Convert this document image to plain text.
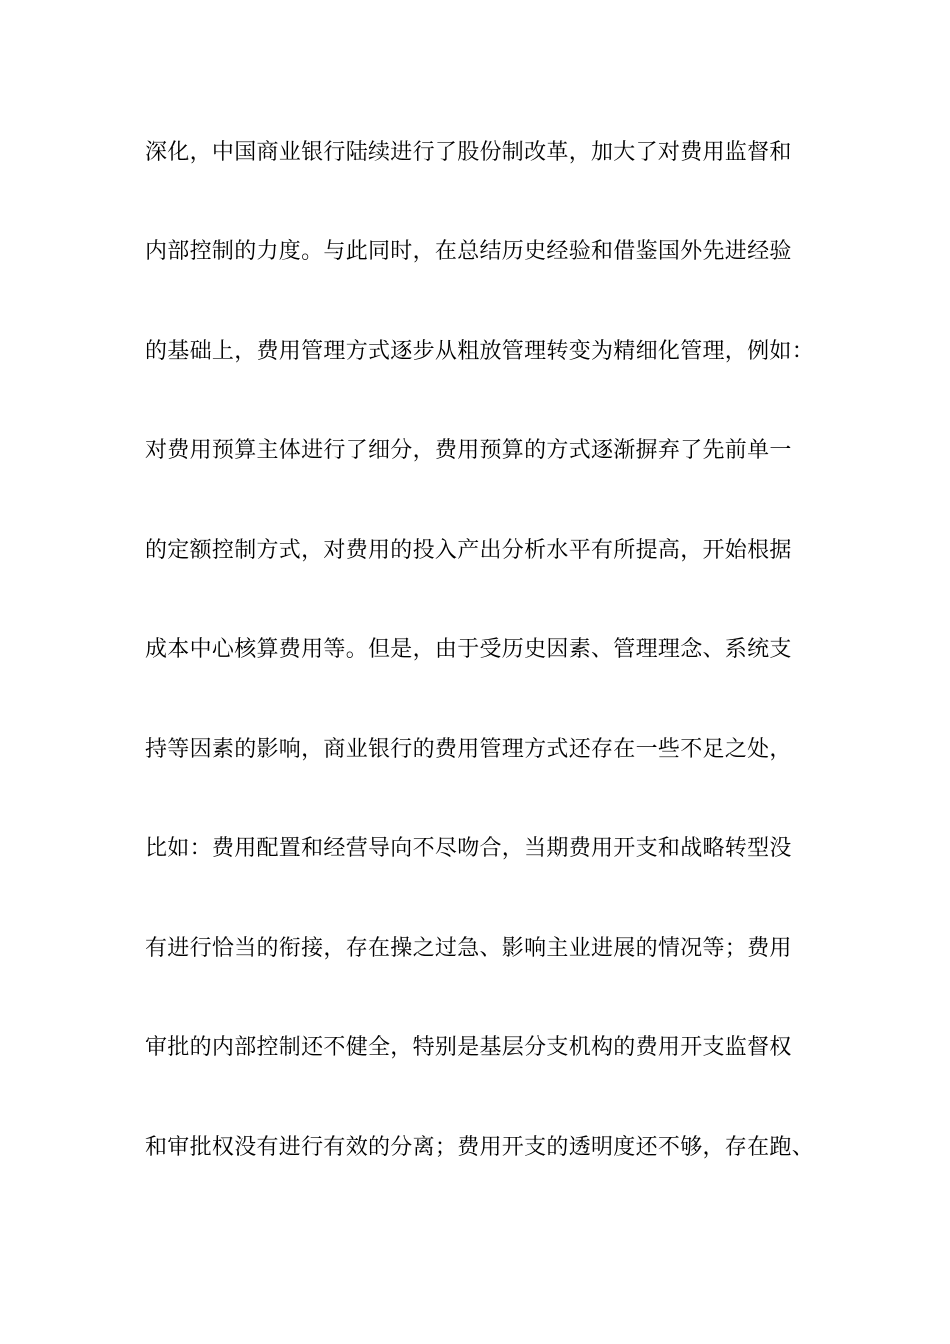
深化，中国商业银行陆续进行了股份制改革，加大了对费用监督和
内部控制的力度。与此同时，在总结历史经验和借鉴国外先进经验
的基础上，费用管理方式逐步从粗放管理转变为精细化管理，例如：
对费用预算主体进行了细分，费用预算的方式逐渐摒弃了先前单一
的定额控制方式，对费用的投入产出分析水平有所提高，开始根据
成本中心核算费用等。但是，由于受历史因素、管理理念、系统支
持等因素的影响，商业银行的费用管理方式还存在一些不足之处，
比如：费用配置和经营导向不尽吻合，当期费用开支和战略转型没
有进行恰当的衔接，存在操之过急、影响主业进展的情况等；费用
审批的内部控制还不健全，特别是基层分支机构的费用开支监督权
和审批权没有进行有效的分离；费用开支的透明度还不够，存在跑、
